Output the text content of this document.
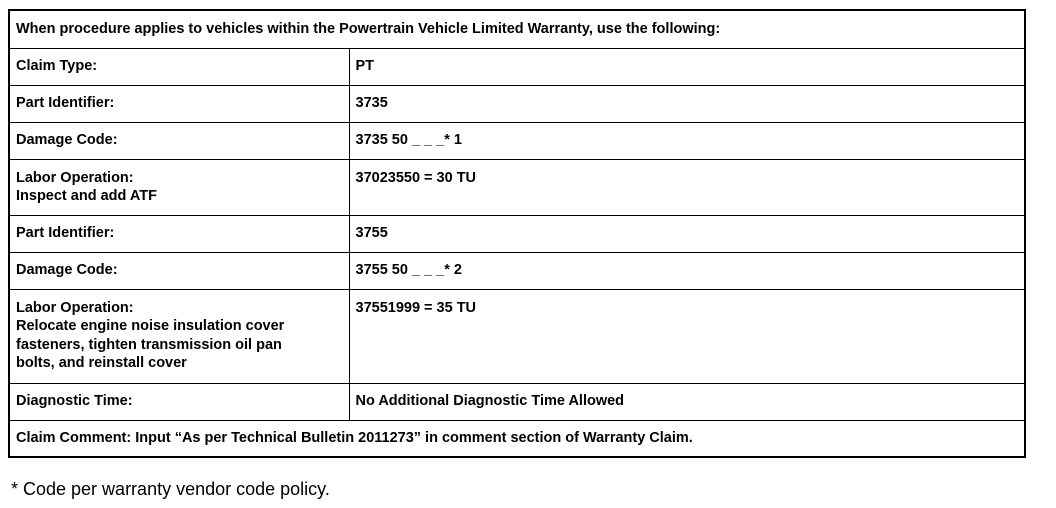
When procedure applies to vehicles within the Powertrain Vehicle Limited Warranty, use the following:	
Claim Type:	PT
Part Identifier:	3735
Damage Code:	3735 50 _ _ _* 1

Labor Operation:
Inspect and add ATF	37023550 = 30 TU
Part Identifier:	3755
Damage Code:	3755 50 _ _ _* 2

Labor Operation:
Relocate engine noise insulation cover
fasteners, tighten transmission oil pan
bolts, and reinstall cover	37551999 = 35 TU
Diagnostic Time:	No Additional Diagnostic Time Allowed
Claim Comment: Input “As per Technical Bulletin 2011273” in comment section of Warranty Claim.	
* Code per warranty vendor code policy.
